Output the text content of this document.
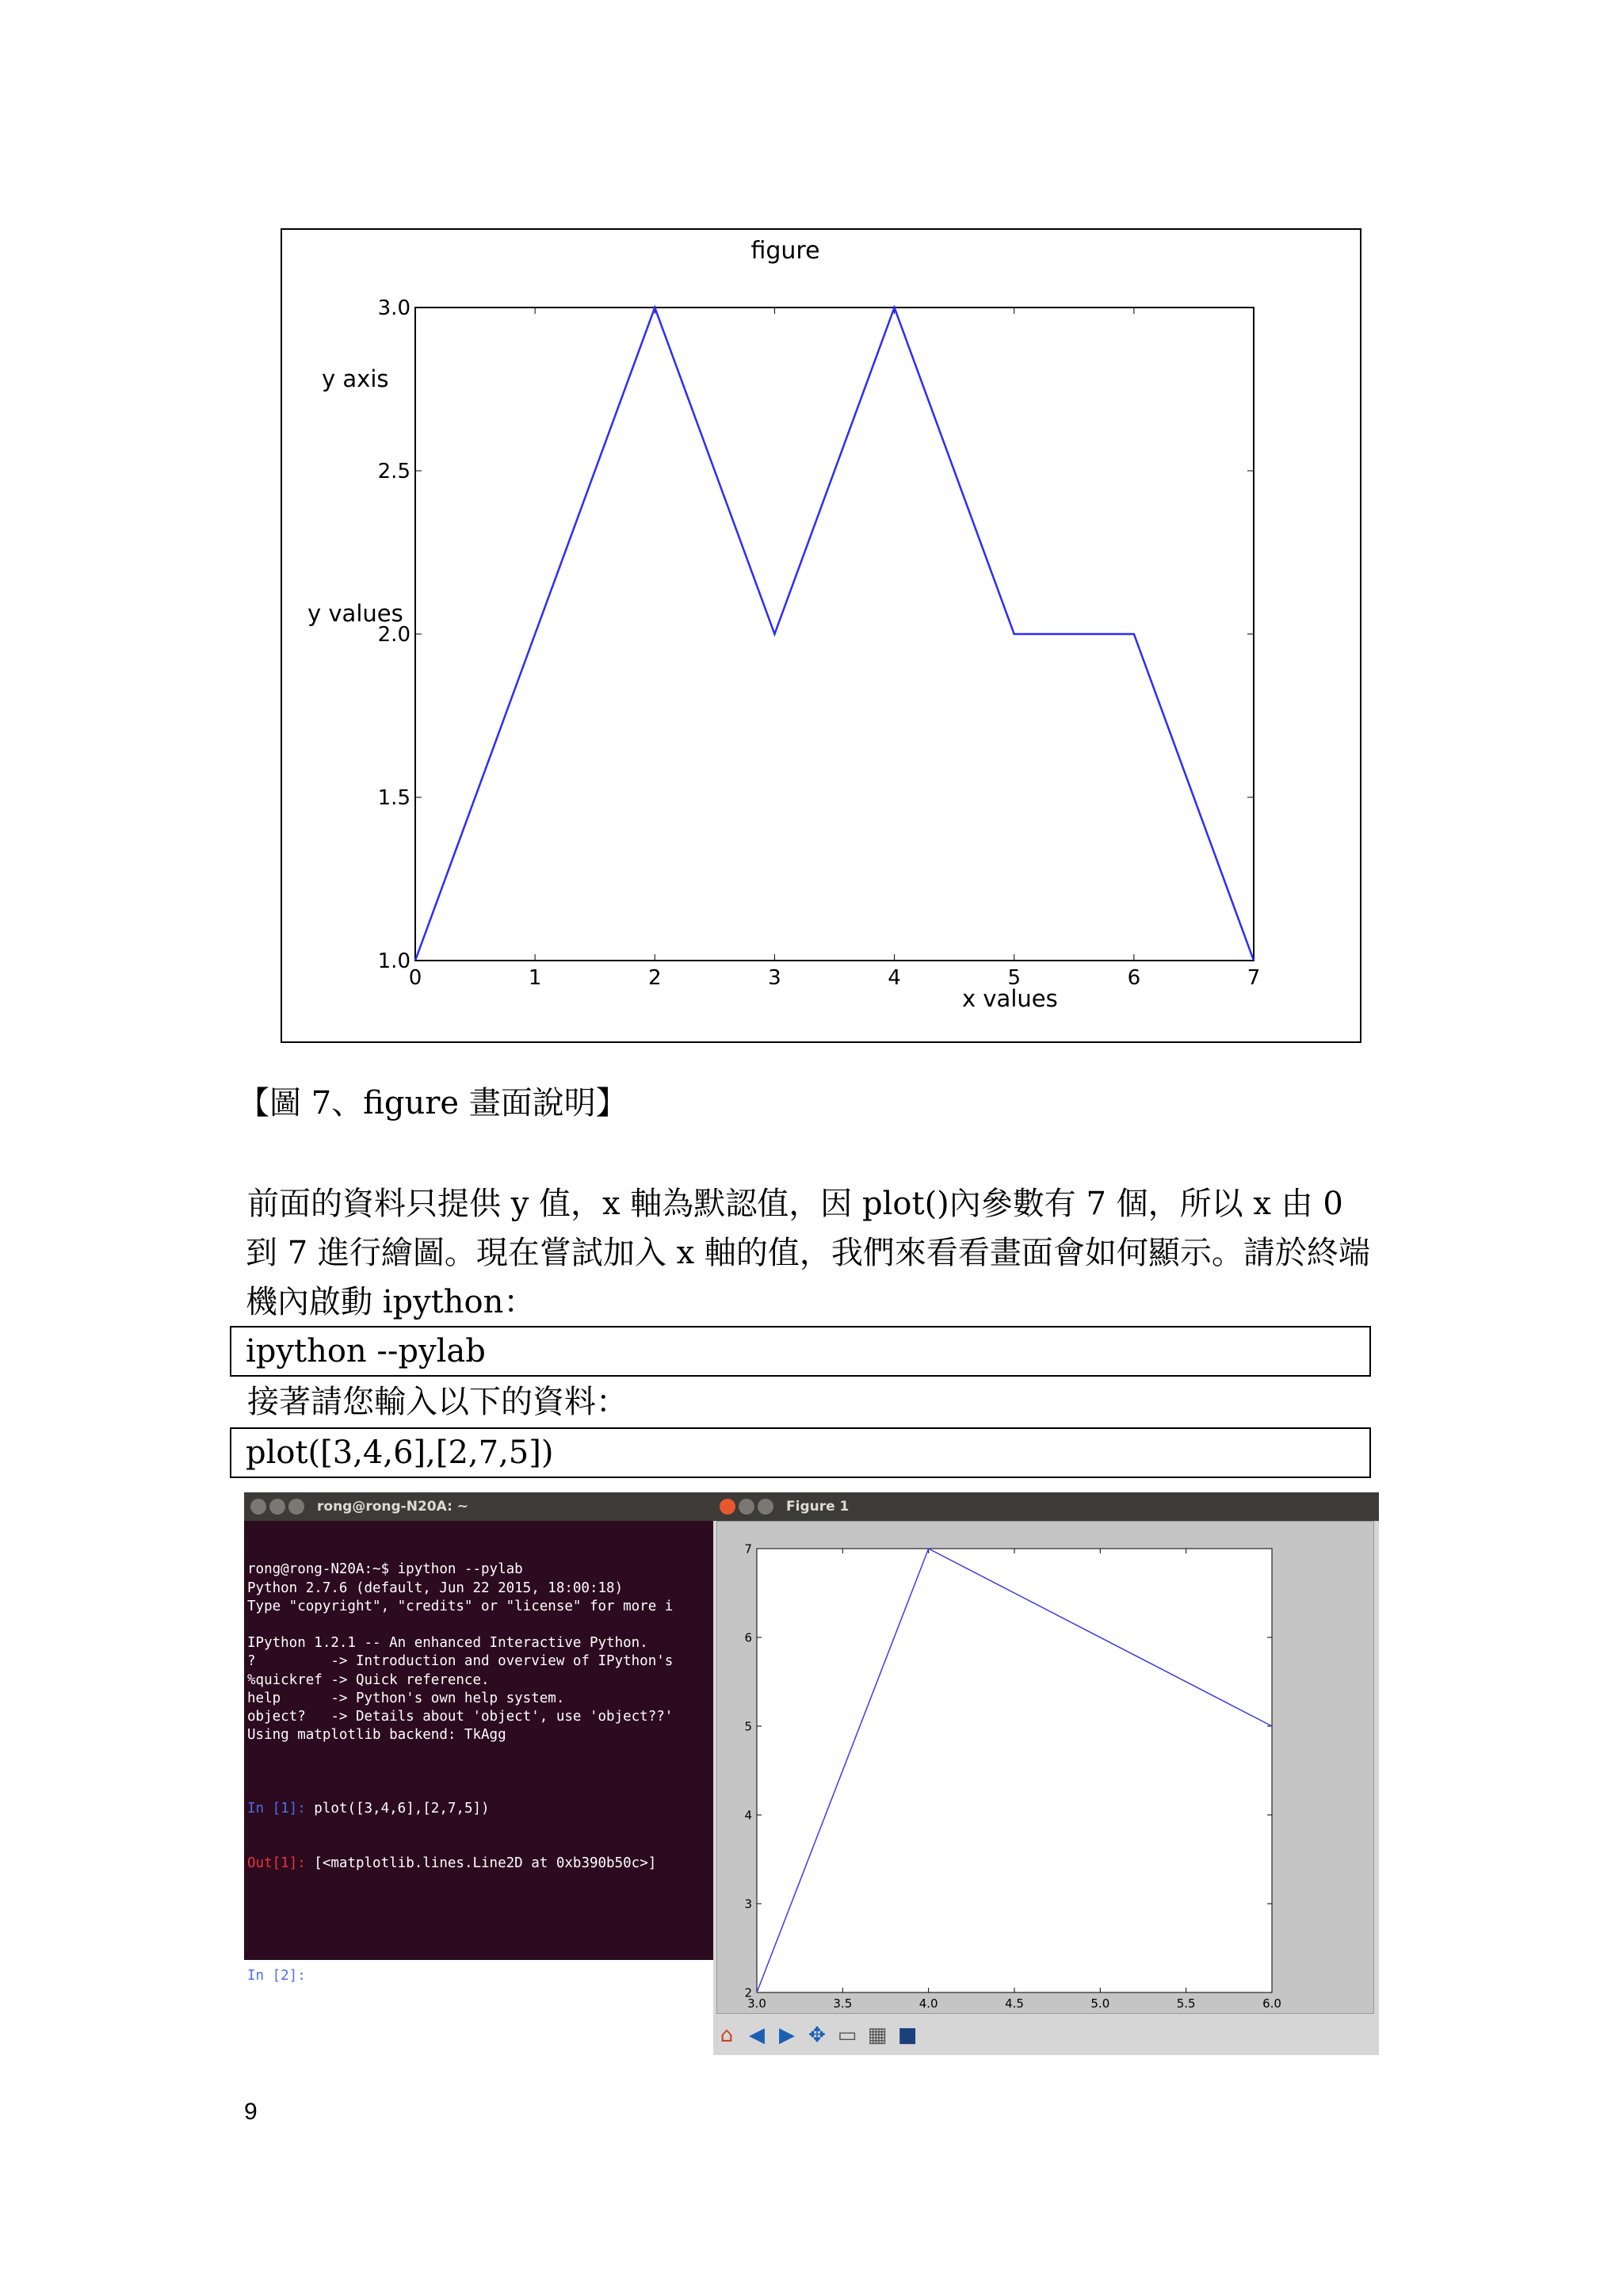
figure
y axis
y values
x values
0	1	2	3	4	5	6	7
1.0
1.5
2.0
2.5
3.0
【圖 7、figure 畫面說明】
前面的資料只提供 y 值，x 軸為默認值，因 plot()內參數有 7 個，所以 x 由 0
到 7 進行繪圖。現在嘗試加入 x 軸的值，我們來看看畫面會如何顯示。請於終端
機內啟動 ipython：
ipython --pylab
接著請您輸入以下的資料：
plot([3,4,6],[2,7,5])
rong@rong-N20A: ~

rong@rong-N20A:~$ ipython --pylab
Python 2.7.6 (default, Jun 22 2015, 18:00:18)
Type "copyright", "credits" or "license" for more i
IPython 1.2.1 -- An enhanced Interactive Python.
?         -> Introduction and overview of IPython's
%quickref -> Quick reference.
help      -> Python's own help system.
object?   -> Details about 'object', use 'object??'
Using matplotlib backend: TkAgg

In [1]: plot([3,4,6],[2,7,5])

Out[1]: [<matplotlib.lines.Line2D at 0xb390b50c>]

In [2]:

Figure 1
3.0	3.5	4.0	4.5	5.0	5.5	6.0
2
3
4
5
6
7
⌂ ◀ ▶ ✥ ▭ ▦ ■
9
